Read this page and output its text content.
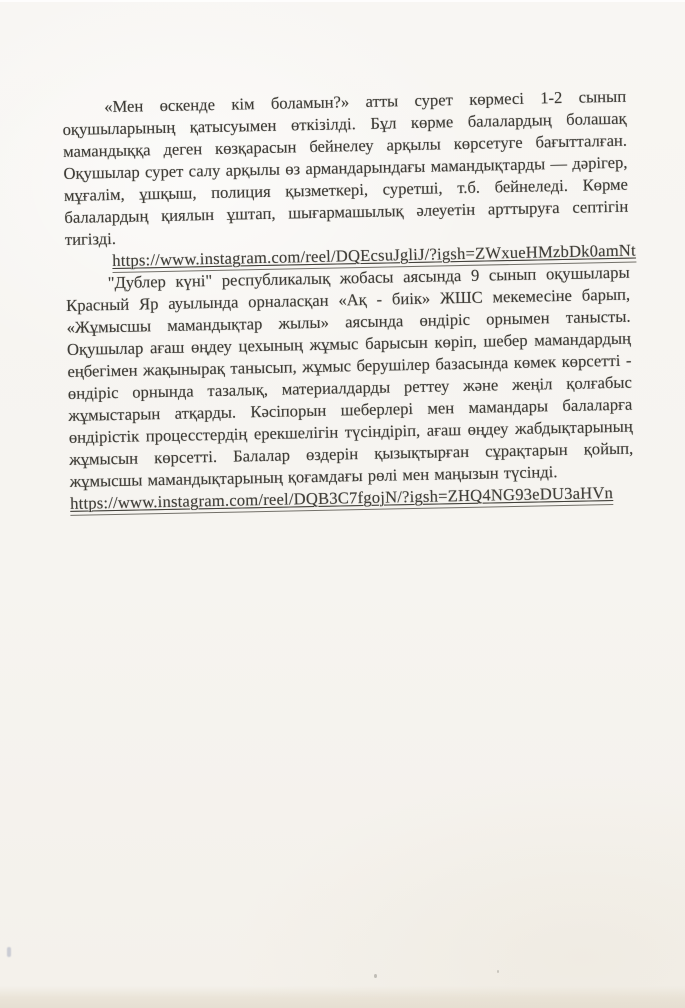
«Мен өскенде кім боламын?» атты сурет көрмесі 1-2 сынып оқушыларының қатысуымен өткізілді. Бұл көрме балалардың болашақ мамандыққа деген көзқарасын бейнелеу арқылы көрсетуге бағытталған. Оқушылар сурет салу арқылы өз армандарындағы мамандықтарды — дәрігер, мұғалім, ұшқыш, полиция қызметкері, суретші, т.б. бейнеледі. Көрме балалардың қиялын ұштап, шығармашылық әлеуетін арттыруға септігін тигізді.

https://www.instagram.com/reel/DQEcsuJgliJ/?igsh=ZWxueHMzbDk0amNt

"Дублер күні" республикалық жобасы аясында 9 сынып оқушылары Красный Яр ауылында орналасқан «Ақ - биік» ЖШС мекемесіне барып, «Жұмысшы мамандықтар жылы» аясында өндіріс орнымен танысты. Оқушылар ағаш өңдеу цехының жұмыс барысын көріп, шебер мамандардың еңбегімен жақынырақ танысып, жұмыс берушілер базасында көмек көрсетті - өндіріс орнында тазалық, материалдарды реттеу және жеңіл қолғабыс жұмыстарын атқарды. Кәсіпорын шеберлері мен мамандары балаларға өндірістік процесстердің ерекшелігін түсіндіріп, ағаш өңдеу жабдықтарының жұмысын көрсетті. Балалар өздерін қызықтырған сұрақтарын қойып, жұмысшы мамандықтарының қоғамдағы рөлі мен маңызын түсінді.

https://www.instagram.com/reel/DQB3C7fgojN/?igsh=ZHQ4NG93eDU3aHVn
